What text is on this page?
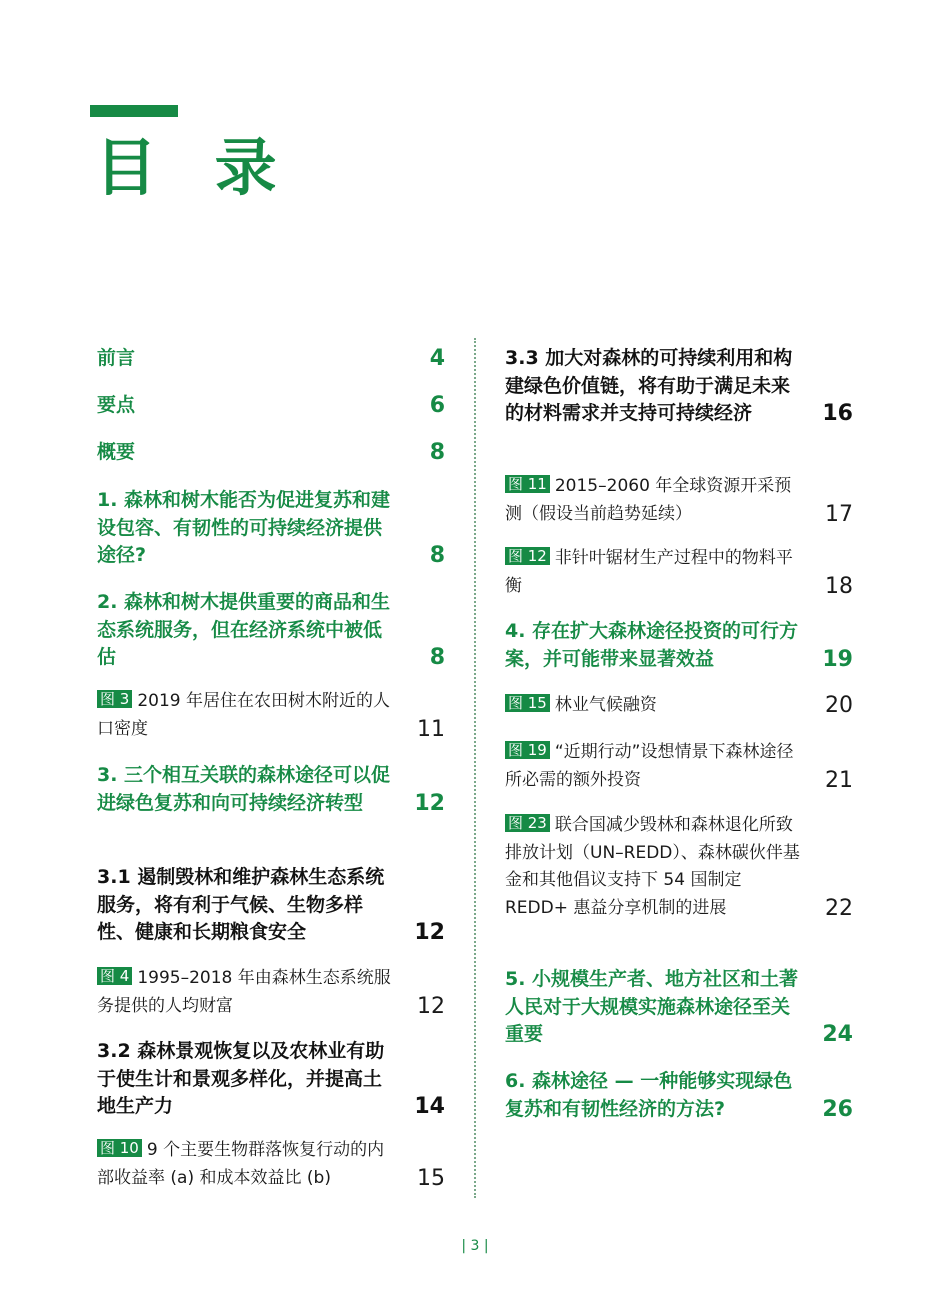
目 录
前言	4
要点	6
概要	8
1. 森林和树木能否为促进复苏和建设包容、有韧性的可持续经济提供途径?	8
2. 森林和树木提供重要的商品和生态系统服务，但在经济系统中被低估	8
图 3 2019 年居住在农田树木附近的人口密度	11
3. 三个相互关联的森林途径可以促进绿色复苏和向可持续经济转型	12
3.1 遏制毁林和维护森林生态系统服务，将有利于气候、生物多样性、健康和长期粮食安全	12
图 4 1995–2018 年由森林生态系统服务提供的人均财富	12
3.2 森林景观恢复以及农林业有助于使生计和景观多样化，并提高土地生产力	14
图 10 9 个主要生物群落恢复行动的内部收益率 (a) 和成本效益比 (b)	15
3.3 加大对森林的可持续利用和构建绿色价值链，将有助于满足未来的材料需求并支持可持续经济	16
图 11 2015–2060 年全球资源开采预测（假设当前趋势延续）	17
图 12 非针叶锯材生产过程中的物料平衡	18
4. 存在扩大森林途径投资的可行方案，并可能带来显著效益	19
图 15 林业气候融资	20
图 19 “近期行动”设想情景下森林途径所必需的额外投资	21
图 23 联合国减少毁林和森林退化所致排放计划（UN–REDD）、森林碳伙伴基金和其他倡议支持下 54 国制定 REDD+ 惠益分享机制的进展	22
5. 小规模生产者、地方社区和土著人民对于大规模实施森林途径至关重要	24
6. 森林途径 — 一种能够实现绿色复苏和有韧性经济的方法?	26
| 3 |
